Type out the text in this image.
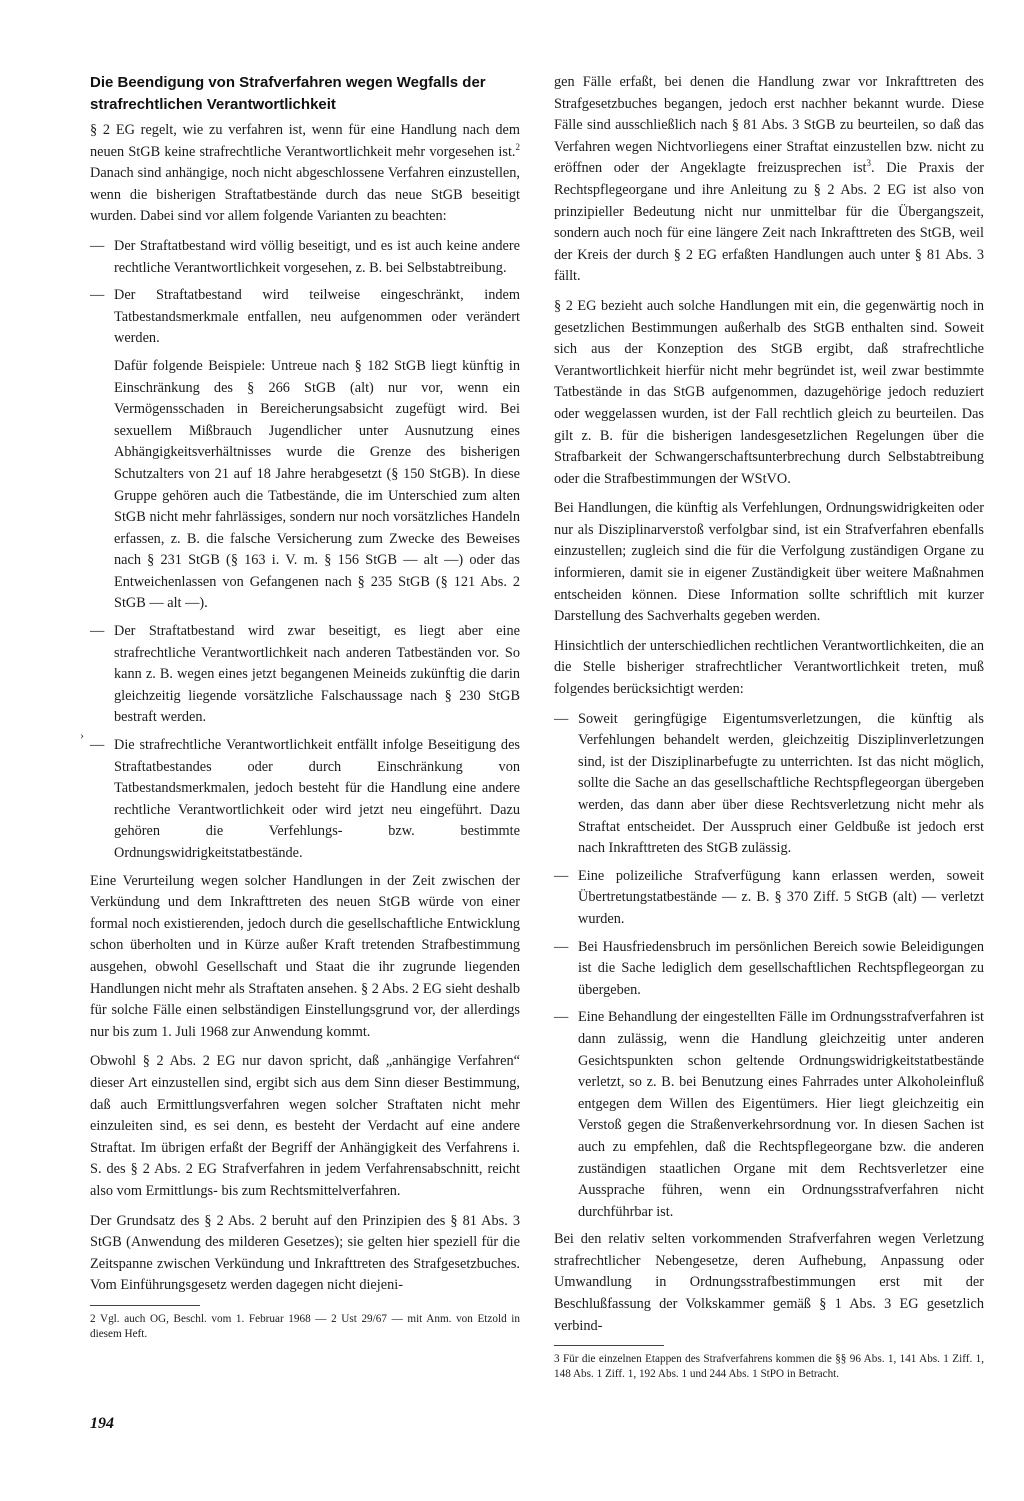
Die Beendigung von Strafverfahren wegen Wegfalls der strafrechtlichen Verantwortlichkeit

§ 2 EG regelt, wie zu verfahren ist, wenn für eine Handlung nach dem neuen StGB keine strafrechtliche Verantwortlichkeit mehr vorgesehen ist.$^2$ Danach sind anhängige, noch nicht abgeschlossene Verfahren einzustellen, wenn die bisherigen Straftatbestände durch das neue StGB beseitigt wurden. Dabei sind vor allem folgende Varianten zu beachten:

— Der Straftatbestand wird völlig beseitigt, und es ist auch keine andere rechtliche Verantwortlichkeit vorgesehen, z. B. bei Selbstabtreibung.

— Der Straftatbestand wird teilweise eingeschränkt, indem Tatbestandsmerkmale entfallen, neu aufgenommen oder verändert werden.

Dafür folgende Beispiele: Untreue nach § 182 StGB liegt künftig in Einschränkung des § 266 StGB (alt) nur vor, wenn ein Vermögensschaden in Bereicherungsabsicht zugefügt wird. Bei sexuellem Mißbrauch Jugendlicher unter Ausnutzung eines Abhängigkeitsverhältnisses wurde die Grenze des bisherigen Schutzalters von 21 auf 18 Jahre herabgesetzt (§ 150 StGB). In diese Gruppe gehören auch die Tatbestände, die im Unterschied zum alten StGB nicht mehr fahrlässiges, sondern nur noch vorsätzliches Handeln erfassen, z. B. die falsche Versicherung zum Zwecke des Beweises nach § 231 StGB (§ 163 i. V. m. § 156 StGB — alt —) oder das Entweichenlassen von Gefangenen nach § 235 StGB (§ 121 Abs. 2 StGB — alt —).

— Der Straftatbestand wird zwar beseitigt, es liegt aber eine strafrechtliche Verantwortlichkeit nach anderen Tatbeständen vor. So kann z. B. wegen eines jetzt begangenen Meineids zukünftig die darin gleichzeitig liegende vorsätzliche Falschaussage nach § 230 StGB bestraft werden.

— Die strafrechtliche Verantwortlichkeit entfällt infolge Beseitigung des Straftatbestandes oder durch Einschränkung von Tatbestandsmerkmalen, jedoch besteht für die Handlung eine andere rechtliche Verantwortlichkeit oder wird jetzt neu eingeführt. Dazu gehören die Verfehlungs- bzw. bestimmte Ordnungswidrigkeitstatbestände.

Eine Verurteilung wegen solcher Handlungen in der Zeit zwischen der Verkündung und dem Inkrafttreten des neuen StGB würde von einer formal noch existierenden, jedoch durch die gesellschaftliche Entwicklung schon überholten und in Kürze außer Kraft tretenden Strafbestimmung ausgehen, obwohl Gesellschaft und Staat die ihr zugrunde liegenden Handlungen nicht mehr als Straftaten ansehen. § 2 Abs. 2 EG sieht deshalb für solche Fälle einen selbständigen Einstellungsgrund vor, der allerdings nur bis zum 1. Juli 1968 zur Anwendung kommt.

Obwohl § 2 Abs. 2 EG nur davon spricht, daß „anhängige Verfahren“ dieser Art einzustellen sind, ergibt sich aus dem Sinn dieser Bestimmung, daß auch Ermittlungsverfahren wegen solcher Straftaten nicht mehr einzuleiten sind, es sei denn, es besteht der Verdacht auf eine andere Straftat. Im übrigen erfaßt der Begriff der Anhängigkeit des Verfahrens i. S. des § 2 Abs. 2 EG Strafverfahren in jedem Verfahrensabschnitt, reicht also vom Ermittlungs- bis zum Rechtsmittelverfahren.

Der Grundsatz des § 2 Abs. 2 beruht auf den Prinzipien des § 81 Abs. 3 StGB (Anwendung des milderen Gesetzes); sie gelten hier speziell für die Zeitspanne zwischen Verkündung und Inkrafttreten des Strafgesetzbuches. Vom Einführungsgesetz werden dagegen nicht diejeni-

2 Vgl. auch OG, Beschl. vom 1. Februar 1968 — 2 Ust 29/67 — mit Anm. von Etzold in diesem Heft.

gen Fälle erfaßt, bei denen die Handlung zwar vor Inkrafttreten des Strafgesetzbuches begangen, jedoch erst nachher bekannt wurde. Diese Fälle sind ausschließlich nach § 81 Abs. 3 StGB zu beurteilen, so daß das Verfahren wegen Nichtvorliegens einer Straftat einzustellen bzw. nicht zu eröffnen oder der Angeklagte freizusprechen ist$^3$. Die Praxis der Rechtspflegeorgane und ihre Anleitung zu § 2 Abs. 2 EG ist also von prinzipieller Bedeutung nicht nur unmittelbar für die Übergangszeit, sondern auch noch für eine längere Zeit nach Inkrafttreten des StGB, weil der Kreis der durch § 2 EG erfaßten Handlungen auch unter § 81 Abs. 3 fällt.

§ 2 EG bezieht auch solche Handlungen mit ein, die gegenwärtig noch in gesetzlichen Bestimmungen außerhalb des StGB enthalten sind. Soweit sich aus der Konzeption des StGB ergibt, daß strafrechtliche Verantwortlichkeit hierfür nicht mehr begründet ist, weil zwar bestimmte Tatbestände in das StGB aufgenommen, dazugehörige jedoch reduziert oder weggelassen wurden, ist der Fall rechtlich gleich zu beurteilen. Das gilt z. B. für die bisherigen landesgesetzlichen Regelungen über die Strafbarkeit der Schwangerschaftsunterbrechung durch Selbstabtreibung oder die Strafbestimmungen der WStVO.

Bei Handlungen, die künftig als Verfehlungen, Ordnungswidrigkeiten oder nur als Disziplinarverstoß verfolgbar sind, ist ein Strafverfahren ebenfalls einzustellen; zugleich sind die für die Verfolgung zuständigen Organe zu informieren, damit sie in eigener Zuständigkeit über weitere Maßnahmen entscheiden können. Diese Information sollte schriftlich mit kurzer Darstellung des Sachverhalts gegeben werden.

Hinsichtlich der unterschiedlichen rechtlichen Verantwortlichkeiten, die an die Stelle bisheriger strafrechtlicher Verantwortlichkeit treten, muß folgendes berücksichtigt werden:

— Soweit geringfügige Eigentumsverletzungen, die künftig als Verfehlungen behandelt werden, gleichzeitig Disziplinverletzungen sind, ist der Disziplinarbefugte zu unterrichten. Ist das nicht möglich, sollte die Sache an das gesellschaftliche Rechtspflegeorgan übergeben werden, das dann aber über diese Rechtsverletzung nicht mehr als Straftat entscheidet. Der Ausspruch einer Geldbuße ist jedoch erst nach Inkrafttreten des StGB zulässig.

— Eine polizeiliche Strafverfügung kann erlassen werden, soweit Übertretungstatbestände — z. B. § 370 Ziff. 5 StGB (alt) — verletzt wurden.

— Bei Hausfriedensbruch im persönlichen Bereich sowie Beleidigungen ist die Sache lediglich dem gesellschaftlichen Rechtspflegeorgan zu übergeben.

— Eine Behandlung der eingestellten Fälle im Ordnungsstrafverfahren ist dann zulässig, wenn die Handlung gleichzeitig unter anderen Gesichtspunkten schon geltende Ordnungswidrigkeitstatbestände verletzt, so z. B. bei Benutzung eines Fahrrades unter Alkoholeinfluß entgegen dem Willen des Eigentümers. Hier liegt gleichzeitig ein Verstoß gegen die Straßenverkehrsordnung vor. In diesen Sachen ist auch zu empfehlen, daß die Rechtspflegeorgane bzw. die anderen zuständigen staatlichen Organe mit dem Rechtsverletzer eine Aussprache führen, wenn ein Ordnungsstrafverfahren nicht durchführbar ist.

Bei den relativ selten vorkommenden Strafverfahren wegen Verletzung strafrechtlicher Nebengesetze, deren Aufhebung, Anpassung oder Umwandlung in Ordnungsstrafbestimmungen erst mit der Beschlußfassung der Volkskammer gemäß § 1 Abs. 3 EG gesetzlich verbind-

3 Für die einzelnen Etappen des Strafverfahrens kommen die §§ 96 Abs. 1, 141 Abs. 1 Ziff. 1, 148 Abs. 1 Ziff. 1, 192 Abs. 1 und 244 Abs. 1 StPO in Betracht.

›
194
